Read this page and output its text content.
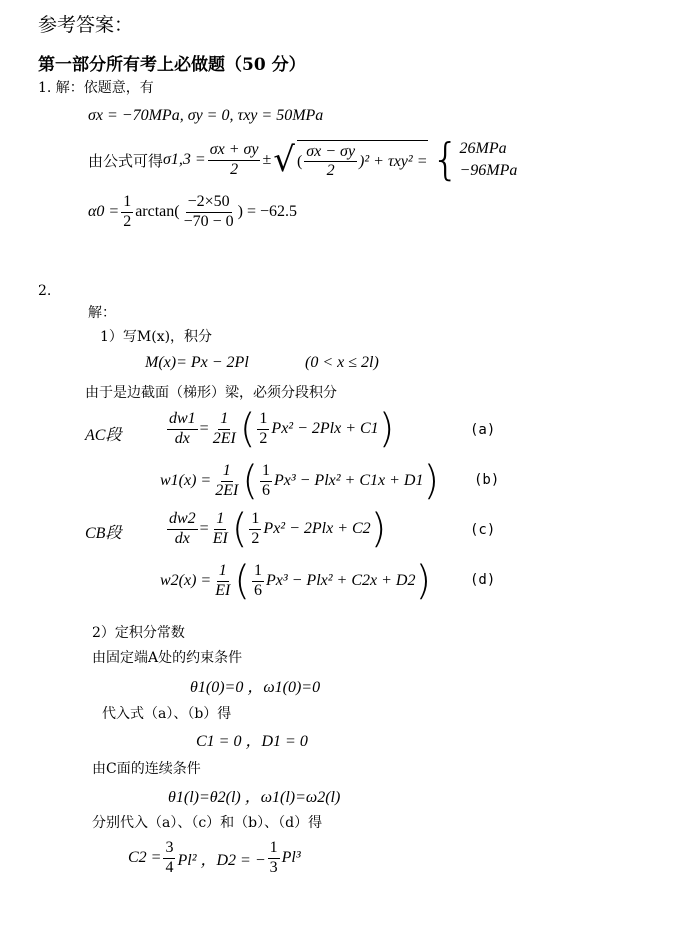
参考答案：
第一部分所有考上必做题（50 分）
1. 解：依题意，有
σx = −70MPa, σy = 0, τxy = 50MPa
由公式可得 $\sigma 1,3 = \frac{\sigma x + \sigma y}{2}$ ± √ ( $\frac{\sigma x - \sigma y}{2} )^2 + \tau xy^2$ = { 26MPa
−96MPa
$\alpha 0 = \frac{1}{2} \arctan( \frac{-2\times 50}{-70 - 0}$ ) = −62.5
2.
解：
1）写M(x)，积分
M(x)= Px − 2Pl	(0 < x ≤ 2l)
由于是边截面（梯形）梁，必须分段积分
AC段	$\frac{dw1}{dx} = \frac{1}{2EI}$ ( $\frac{1}{2} Px^2 - 2Plx + C1$ )	(a)
$w1(x) = \frac{1}{2EI}$ ( $\frac{1}{6} Px^3 - Plx^2 + C1x + D1$ ) (b)
CB段	$\frac{dw2}{dx} = \frac{1}{EI}$ ( $\frac{1}{2} Px^2 - 2Plx + C2$ )	(c)
$w2(x) = \frac{1}{EI}$ ( $\frac{1}{6} Px^3 - Plx^2 + C2x + D2$ )	(d)
2）定积分常数
由固定端A处的约束条件
θ1(0)=0 ，ω1(0)=0
代入式（a）、（b）得
C1 = 0 ，D1 = 0
由C面的连续条件
θ1(l)=θ2(l) ，ω1(l)=ω2(l)
分别代入（a）、（c）和（b）、（d）得
$C2 = \frac{3}{4} Pl^2$ ，D2 = − $\frac{1}{3} Pl^3$
